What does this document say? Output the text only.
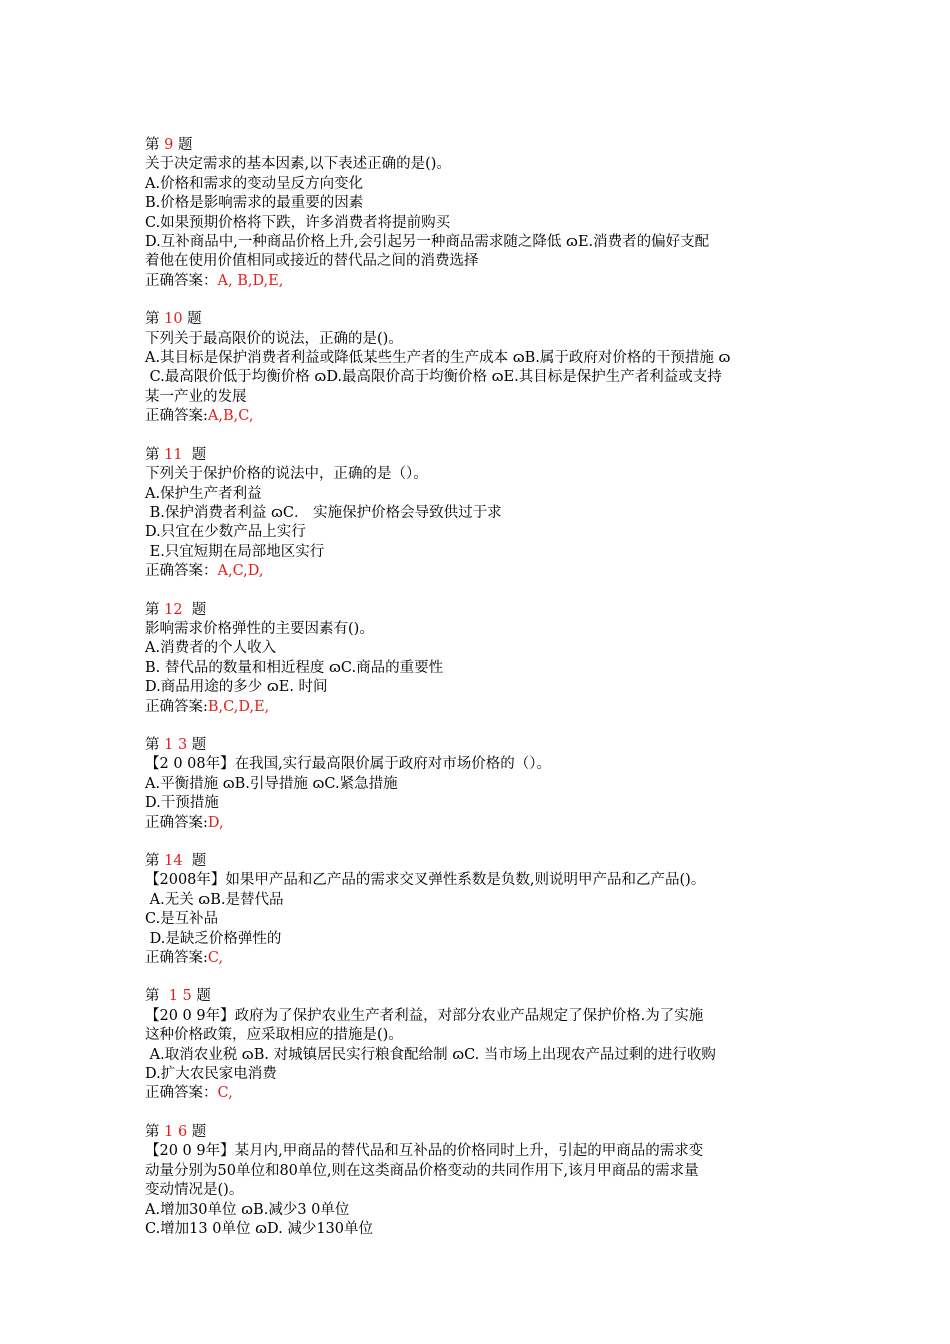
第 9 题
关于决定需求的基本因素,以下表述正确的是()。
A.价格和需求的变动呈反方向变化
B.价格是影响需求的最重要的因素
C.如果预期价格将下跌，许多消费者将提前购买
D.互补商品中,一种商品价格上升,会引起另一种商品需求随之降低 ɷE.消费者的偏好支配
着他在使用价值相同或接近的替代品之间的消费选择
正确答案：A, B,D,E,
第 10 题
下列关于最高限价的说法，正确的是()。
A.其目标是保护消费者利益或降低某些生产者的生产成本 ɷB.属于政府对价格的干预措施 ɷ
C.最高限价低于均衡价格 ɷD.最高限价高于均衡价格 ɷE.其目标是保护生产者利益或支持
某一产业的发展
正确答案:A,B,C,
第 11  题
下列关于保护价格的说法中，正确的是（）。
A.保护生产者利益
B.保护消费者利益 ɷC． 实施保护价格会导致供过于求
D.只宜在少数产品上实行
E.只宜短期在局部地区实行
正确答案：A,C,D,
第 12  题
影响需求价格弹性的主要因素有()。
A.消费者的个人收入
B. 替代品的数量和相近程度 ɷC.商品的重要性
D.商品用途的多少 ɷE. 时间
正确答案:B,C,D,E,
第 1 3 题
【2 0 08年】在我国,实行最高限价属于政府对市场价格的（）。
A.平衡措施 ɷB.引导措施 ɷC.紧急措施
D.干预措施
正确答案:D,
第 14  题
【2008年】如果甲产品和乙产品的需求交叉弹性系数是负数,则说明甲产品和乙产品()。
A.无关 ɷB.是替代品
C.是互补品
D.是缺乏价格弹性的
正确答案:C,
第  1 5 题
【20 0 9年】政府为了保护农业生产者利益，对部分农业产品规定了保护价格.为了实施
这种价格政策，应采取相应的措施是()。
A.取消农业税 ɷB. 对城镇居民实行粮食配给制 ɷC. 当市场上出现农产品过剩的进行收购
D.扩大农民家电消费
正确答案：C,
第 1 6 题
【20 0 9年】某月内,甲商品的替代品和互补品的价格同时上升，引起的甲商品的需求变
动量分别为50单位和80单位,则在这类商品价格变动的共同作用下,该月甲商品的需求量
变动情况是()。
A.增加30单位 ɷB.减少3 0单位
C.增加13 0单位 ɷD. 减少130单位
